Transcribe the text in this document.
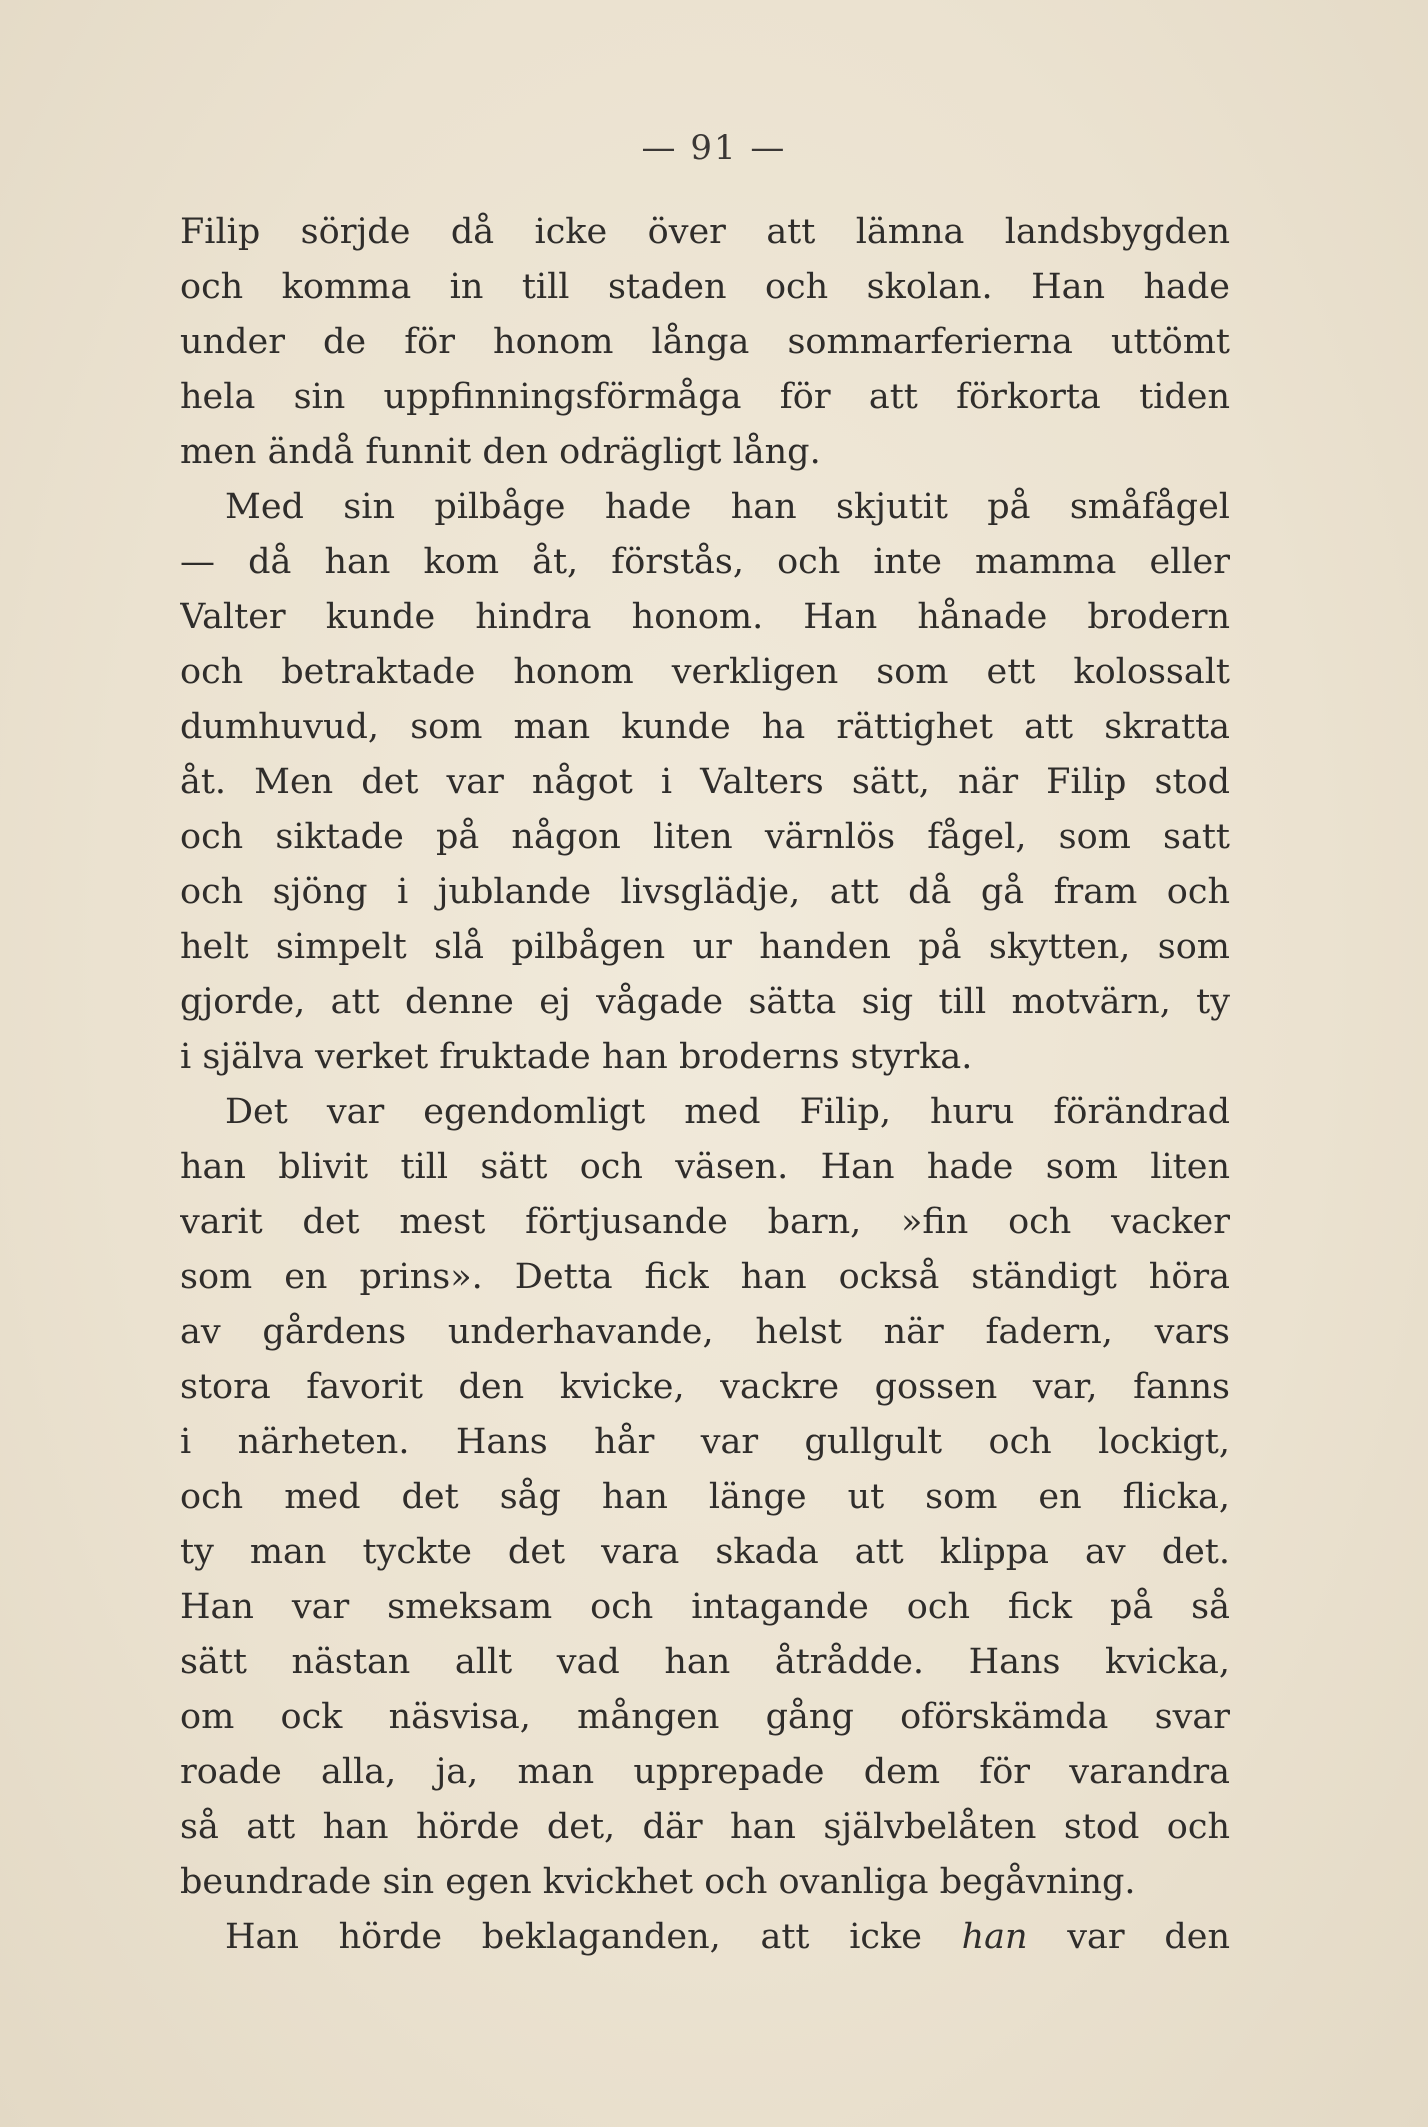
— 91 —
Filip sörjde då icke över att lämna landsbygden
och komma in till staden och skolan. Han hade
under de för honom långa sommarferierna uttömt
hela sin uppfinningsförmåga för att förkorta tiden
men ändå funnit den odrägligt lång.
Med sin pilbåge hade han skjutit på småfågel
— då han kom åt, förstås, och inte mamma eller
Valter kunde hindra honom. Han hånade brodern
och betraktade honom verkligen som ett kolossalt
dumhuvud, som man kunde ha rättighet att skratta
åt. Men det var något i Valters sätt, när Filip stod
och siktade på någon liten värnlös fågel, som satt
och sjöng i jublande livsglädje, att då gå fram och
helt simpelt slå pilbågen ur handen på skytten, som
gjorde, att denne ej vågade sätta sig till motvärn, ty
i själva verket fruktade han broderns styrka.
Det var egendomligt med Filip, huru förändrad
han blivit till sätt och väsen. Han hade som liten
varit det mest förtjusande barn, »fin och vacker
som en prins». Detta fick han också ständigt höra
av gårdens underhavande, helst när fadern, vars
stora favorit den kvicke, vackre gossen var, fanns
i närheten. Hans hår var gullgult och lockigt,
och med det såg han länge ut som en flicka,
ty man tyckte det vara skada att klippa av det.
Han var smeksam och intagande och fick på så
sätt nästan allt vad han åtrådde. Hans kvicka,
om ock näsvisa, mången gång oförskämda svar
roade alla, ja, man upprepade dem för varandra
så att han hörde det, där han självbelåten stod och
beundrade sin egen kvickhet och ovanliga begåvning.
Han hörde beklaganden, att icke han var den
